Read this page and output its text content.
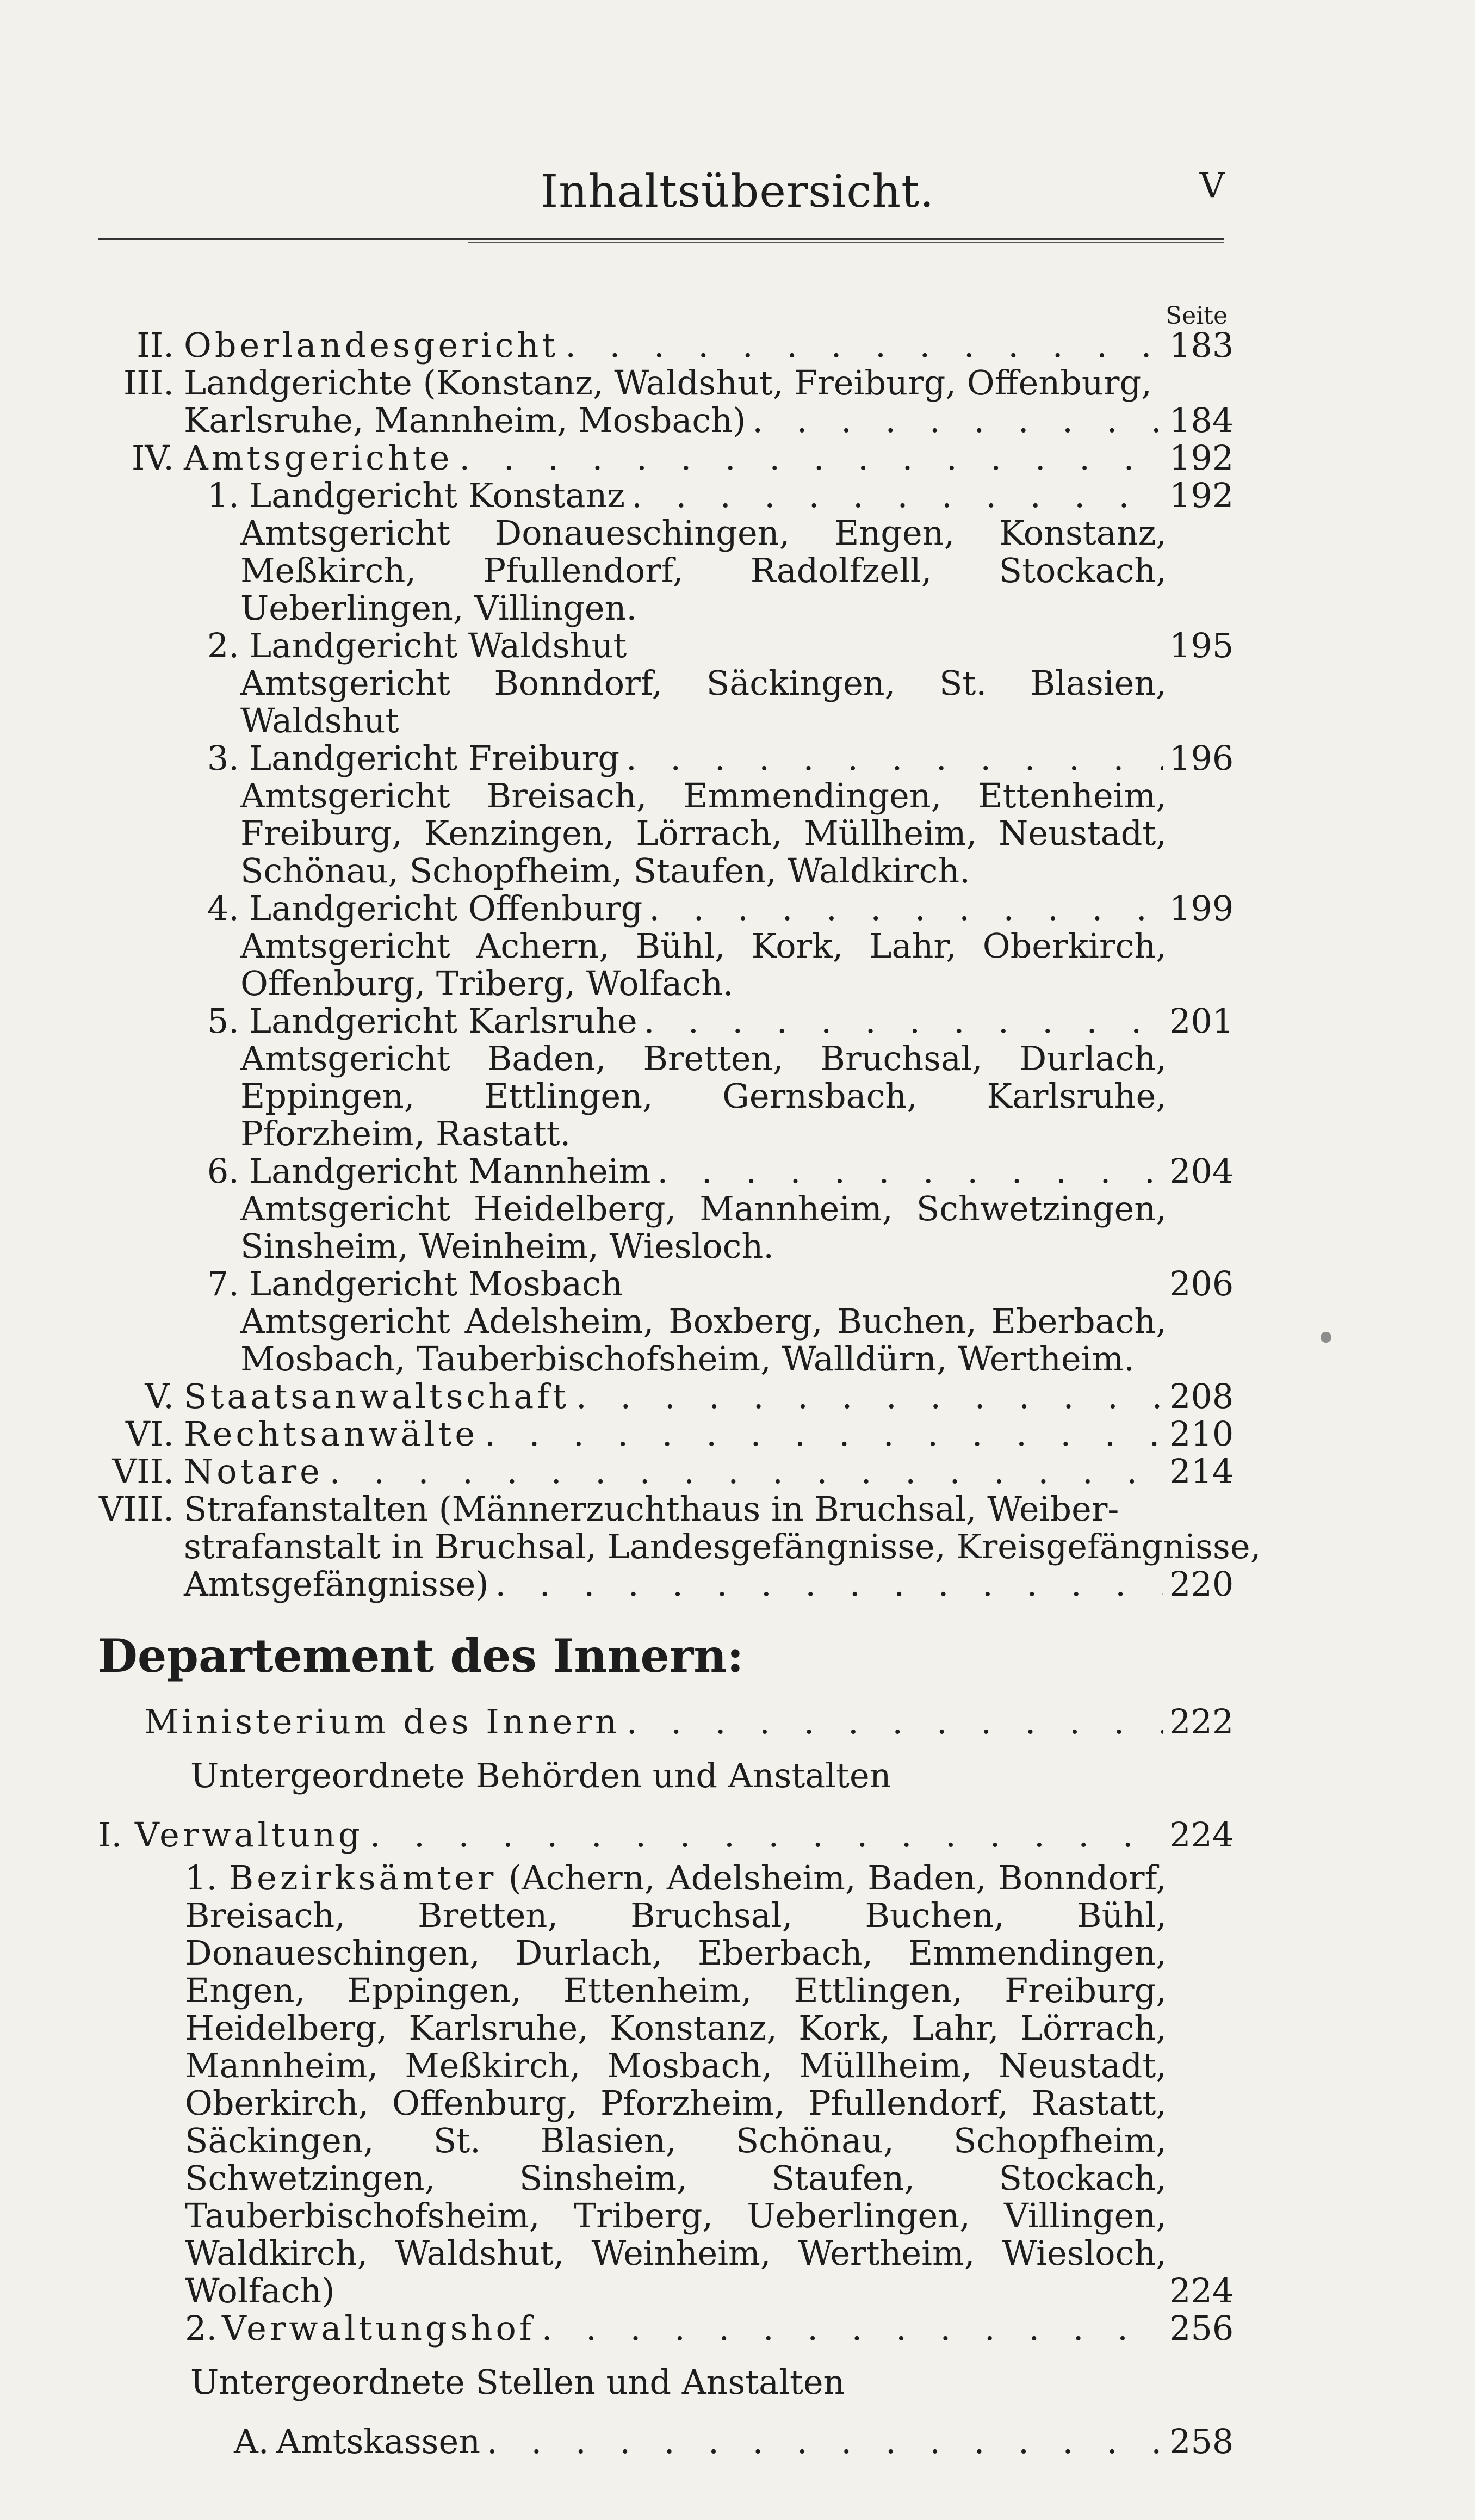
Inhaltsübersicht.	V
Seite
II. Oberlandesgericht . . .	183
III. Landgerichte (Konstanz, Waldshut, Freiburg, Offenburg,
Karlsruhe, Mannheim, Mosbach) . . .	184
IV. Amtsgerichte . . .	192
1. Landgericht Konstanz . . .	192
Amtsgericht Donaueschingen, Engen, Konstanz, Meßkirch, Pfullendorf, Radolfzell, Stockach, Ueberlingen, Villingen.
2. Landgericht Waldshut	195
Amtsgericht Bonndorf, Säckingen, St. Blasien, Waldshut
3. Landgericht Freiburg . . .	196
Amtsgericht Breisach, Emmendingen, Ettenheim, Freiburg, Kenzingen, Lörrach, Müllheim, Neustadt, Schönau, Schopfheim, Staufen, Waldkirch.
4. Landgericht Offenburg . . .	199
Amtsgericht Achern, Bühl, Kork, Lahr, Oberkirch, Offenburg, Triberg, Wolfach.
5. Landgericht Karlsruhe . . .	201
Amtsgericht Baden, Bretten, Bruchsal, Durlach, Eppingen, Ettlingen, Gernsbach, Karlsruhe, Pforzheim, Rastatt.
6. Landgericht Mannheim . . .	204
Amtsgericht Heidelberg, Mannheim, Schwetzingen, Sinsheim, Weinheim, Wiesloch.
7. Landgericht Mosbach	206
Amtsgericht Adelsheim, Boxberg, Buchen, Eberbach, Mosbach, Tauberbischofsheim, Walldürn, Wertheim.
V. Staatsanwaltschaft . . .	208
VI. Rechtsanwälte . . .	210
VII. Notare . . .	214
VIII. Strafanstalten (Männerzuchthaus in Bruchsal, Weiber-
strafanstalt in Bruchsal, Landesgefängnisse, Kreisgefängnisse,
Amtsgefängnisse) . . .	220
Departement des Innern:
Ministerium des Innern . . .	222
Untergeordnete Behörden und Anstalten
I. Verwaltung . . .	224
1. Bezirksämter (Achern, Adelsheim, Baden, Bonndorf, Breisach, Bretten, Bruchsal, Buchen, Bühl, Donaueschingen, Durlach, Eberbach, Emmendingen, Engen, Eppingen, Ettenheim, Ettlingen, Freiburg, Heidelberg, Karlsruhe, Konstanz, Kork, Lahr, Lörrach, Mannheim, Meßkirch, Mosbach, Müllheim, Neustadt, Oberkirch, Offenburg, Pforzheim, Pfullendorf, Rastatt, Säckingen, St. Blasien, Schönau, Schopfheim, Schwetzingen, Sinsheim, Staufen, Stockach, Tauberbischofsheim, Triberg, Ueberlingen, Villingen, Waldkirch, Waldshut, Weinheim, Wertheim, Wiesloch, Wolfach)	224
2. Verwaltungshof . . .	256
Untergeordnete Stellen und Anstalten
A. Amtskassen . . .	258
